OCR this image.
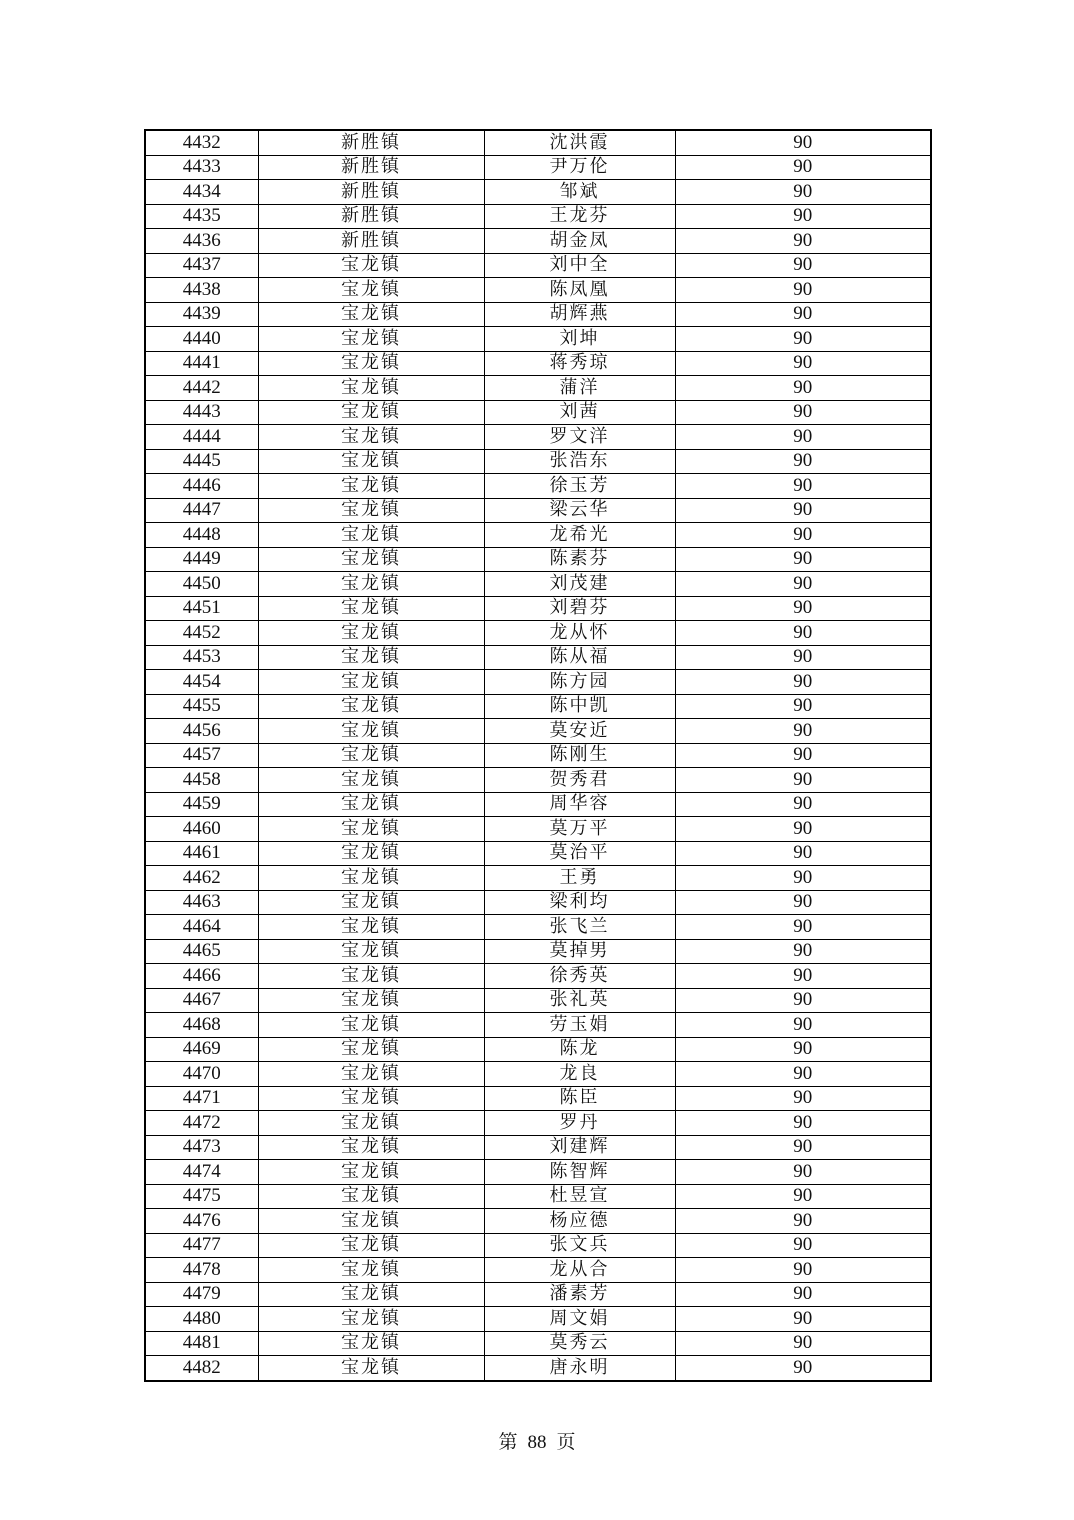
4432	新胜镇	沈洪霞	90
4433	新胜镇	尹万伦	90
4434	新胜镇	邹斌	90
4435	新胜镇	王龙芬	90
4436	新胜镇	胡金凤	90
4437	宝龙镇	刘中全	90
4438	宝龙镇	陈凤凰	90
4439	宝龙镇	胡辉燕	90
4440	宝龙镇	刘坤	90
4441	宝龙镇	蒋秀琼	90
4442	宝龙镇	蒲洋	90
4443	宝龙镇	刘茜	90
4444	宝龙镇	罗文洋	90
4445	宝龙镇	张浩东	90
4446	宝龙镇	徐玉芳	90
4447	宝龙镇	梁云华	90
4448	宝龙镇	龙希光	90
4449	宝龙镇	陈素芬	90
4450	宝龙镇	刘茂建	90
4451	宝龙镇	刘碧芬	90
4452	宝龙镇	龙从怀	90
4453	宝龙镇	陈从福	90
4454	宝龙镇	陈方园	90
4455	宝龙镇	陈中凯	90
4456	宝龙镇	莫安近	90
4457	宝龙镇	陈刚生	90
4458	宝龙镇	贺秀君	90
4459	宝龙镇	周华容	90
4460	宝龙镇	莫万平	90
4461	宝龙镇	莫治平	90
4462	宝龙镇	王勇	90
4463	宝龙镇	梁利均	90
4464	宝龙镇	张飞兰	90
4465	宝龙镇	莫掉男	90
4466	宝龙镇	徐秀英	90
4467	宝龙镇	张礼英	90
4468	宝龙镇	劳玉娟	90
4469	宝龙镇	陈龙	90
4470	宝龙镇	龙良	90
4471	宝龙镇	陈臣	90
4472	宝龙镇	罗丹	90
4473	宝龙镇	刘建辉	90
4474	宝龙镇	陈智辉	90
4475	宝龙镇	杜昱宣	90
4476	宝龙镇	杨应德	90
4477	宝龙镇	张文兵	90
4478	宝龙镇	龙从合	90
4479	宝龙镇	潘素芳	90
4480	宝龙镇	周文娟	90
4481	宝龙镇	莫秀云	90
4482	宝龙镇	唐永明	90
第 88 页
